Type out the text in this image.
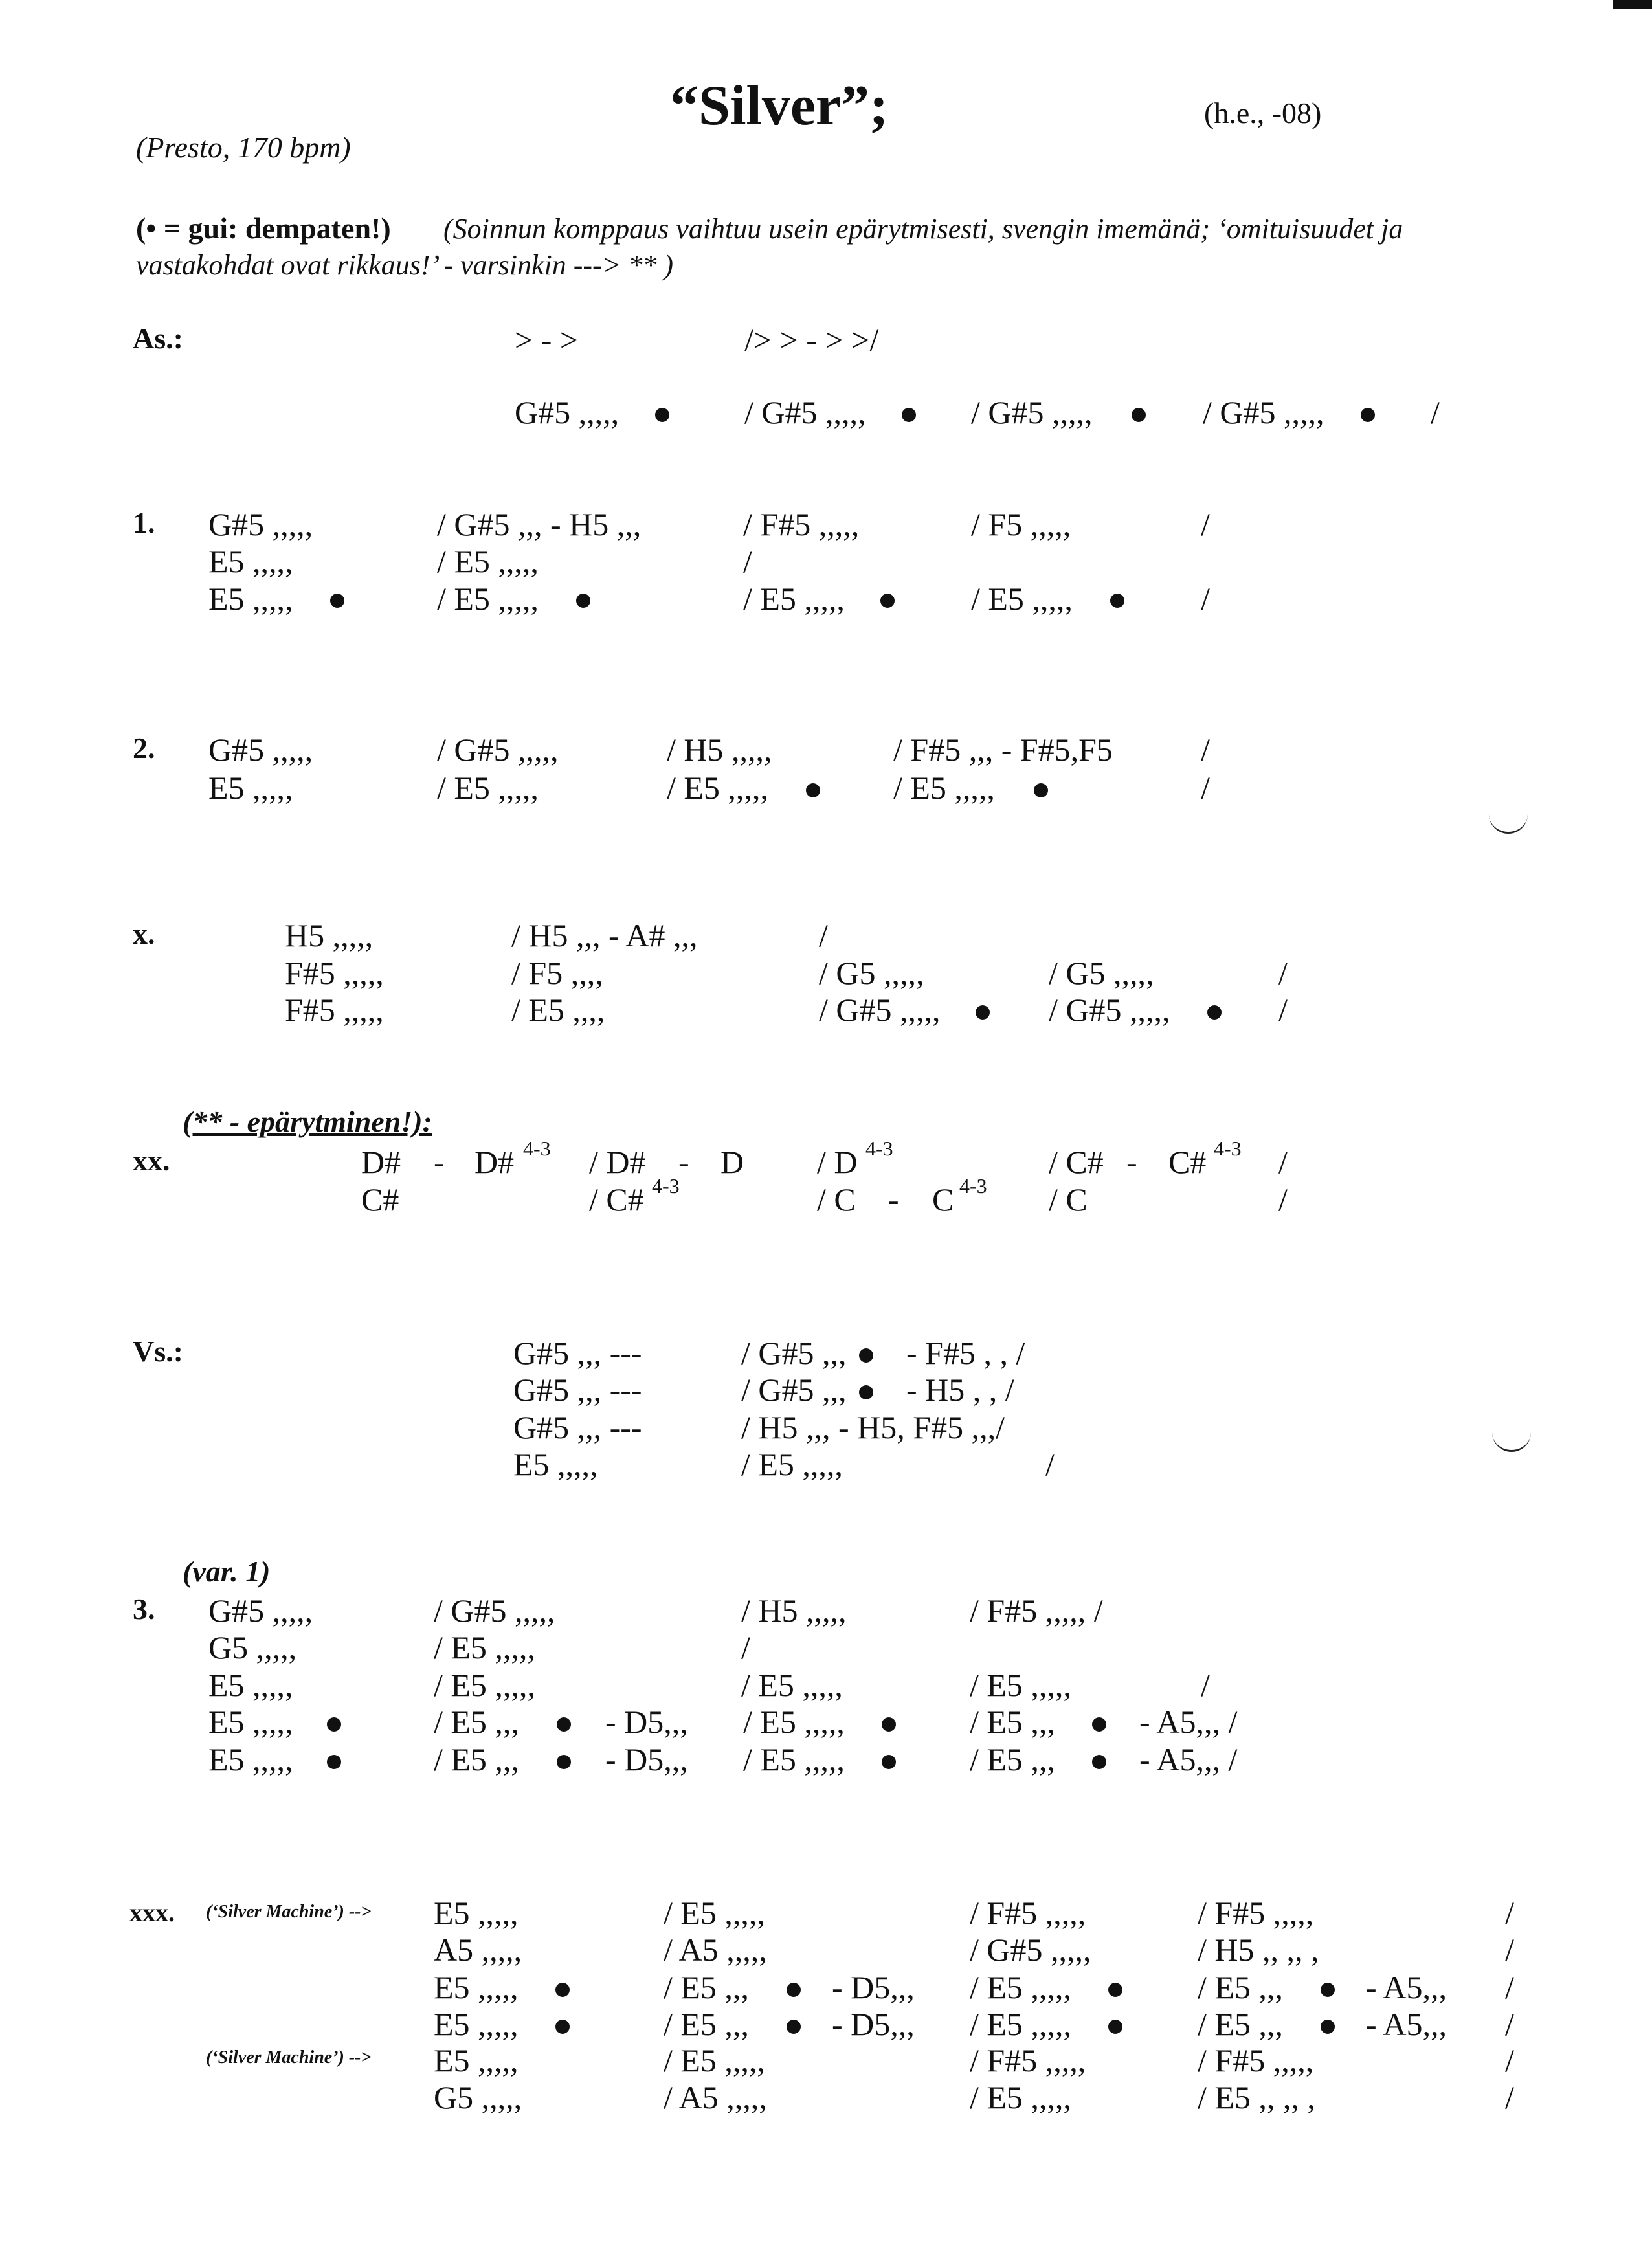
“Silver”;	(h.e., -08)
(Presto, 170 bpm)
(• = gui: dempaten!) (Soinnun komppaus vaihtuu usein epärytmisesti, svengin imemänä; ‘omituisuudet ja
vastakohdat ovat rikkaus!’ - varsinkin ---> ** )
As.:	> - >	/> > - > >/
G#5 ,,,,,	/ G#5 ,,,,,	/ G#5 ,,,,,	/ G#5 ,,,,,	/
1. G#5 ,,,,,	/ G#5 ,,, - H5 ,,,	/ F#5 ,,,,,	/ F5 ,,,,,	/
E5 ,,,,,	/ E5 ,,,,,	/
E5 ,,,,,	/ E5 ,,,,,	/ E5 ,,,,,	/ E5 ,,,,,	/
2. G#5 ,,,,,	/ G#5 ,,,,,	/ H5 ,,,,,	/ F#5 ,,, - F#5,F5	/
E5 ,,,,,	/ E5 ,,,,,	/ E5 ,,,,,	/ E5 ,,,,,	/
x.	H5 ,,,,,	/ H5 ,,, - A# ,,,	/
F#5 ,,,,,	/ F5 ,,,,	/ G5 ,,,,,	/ G5 ,,,,,	/
F#5 ,,,,,	/ E5 ,,,,	/ G#5 ,,,,,	/ G#5 ,,,,,	/
(** - epärytminen!):
xx.	D# - D# 4-3 / D# - D / D 4-3	/ C# - C# 4-3 /
C#	/ C# 4-3	/ C - C 4-3 / C	/
Vs.:	G#5 ,,, ---	/ G#5 ,,, - F#5 , , /
G#5 ,,, ---	/ G#5 ,,, - H5 , , /
G#5 ,,, ---	/ H5 ,,, - H5, F#5 ,,,/
E5 ,,,,,	/ E5 ,,,,,	/
(var. 1)
3. G#5 ,,,,,	/ G#5 ,,,,,	/ H5 ,,,,,	/ F#5 ,,,,, /
G5 ,,,,,	/ E5 ,,,,,	/
E5 ,,,,,	/ E5 ,,,,,	/ E5 ,,,,,	/ E5 ,,,,,	/
E5 ,,,,,	/ E5 ,,,	- D5,,, / E5 ,,,,,	/ E5 ,,,	- A5,,, /
E5 ,,,,,	/ E5 ,,,	- D5,,, / E5 ,,,,,	/ E5 ,,,	- A5,,, /
xxx. (‘Silver Machine’) --> E5 ,,,,,	/ E5 ,,,,,	/ F#5 ,,,,,	/ F#5 ,,,,,	/
A5 ,,,,,	/ A5 ,,,,,	/ G#5 ,,,,,	/ H5 ,, ,, ,	/
E5 ,,,,,	/ E5 ,,,	- D5,,, / E5 ,,,,,	/ E5 ,,,	- A5,,, /
E5 ,,,,,	/ E5 ,,,	- D5,,, / E5 ,,,,,	/ E5 ,,,	- A5,,, /
(‘Silver Machine’) --> E5 ,,,,,	/ E5 ,,,,,	/ F#5 ,,,,,	/ F#5 ,,,,,	/
G5 ,,,,,	/ A5 ,,,,,	/ E5 ,,,,,	/ E5 ,, ,, ,	/
